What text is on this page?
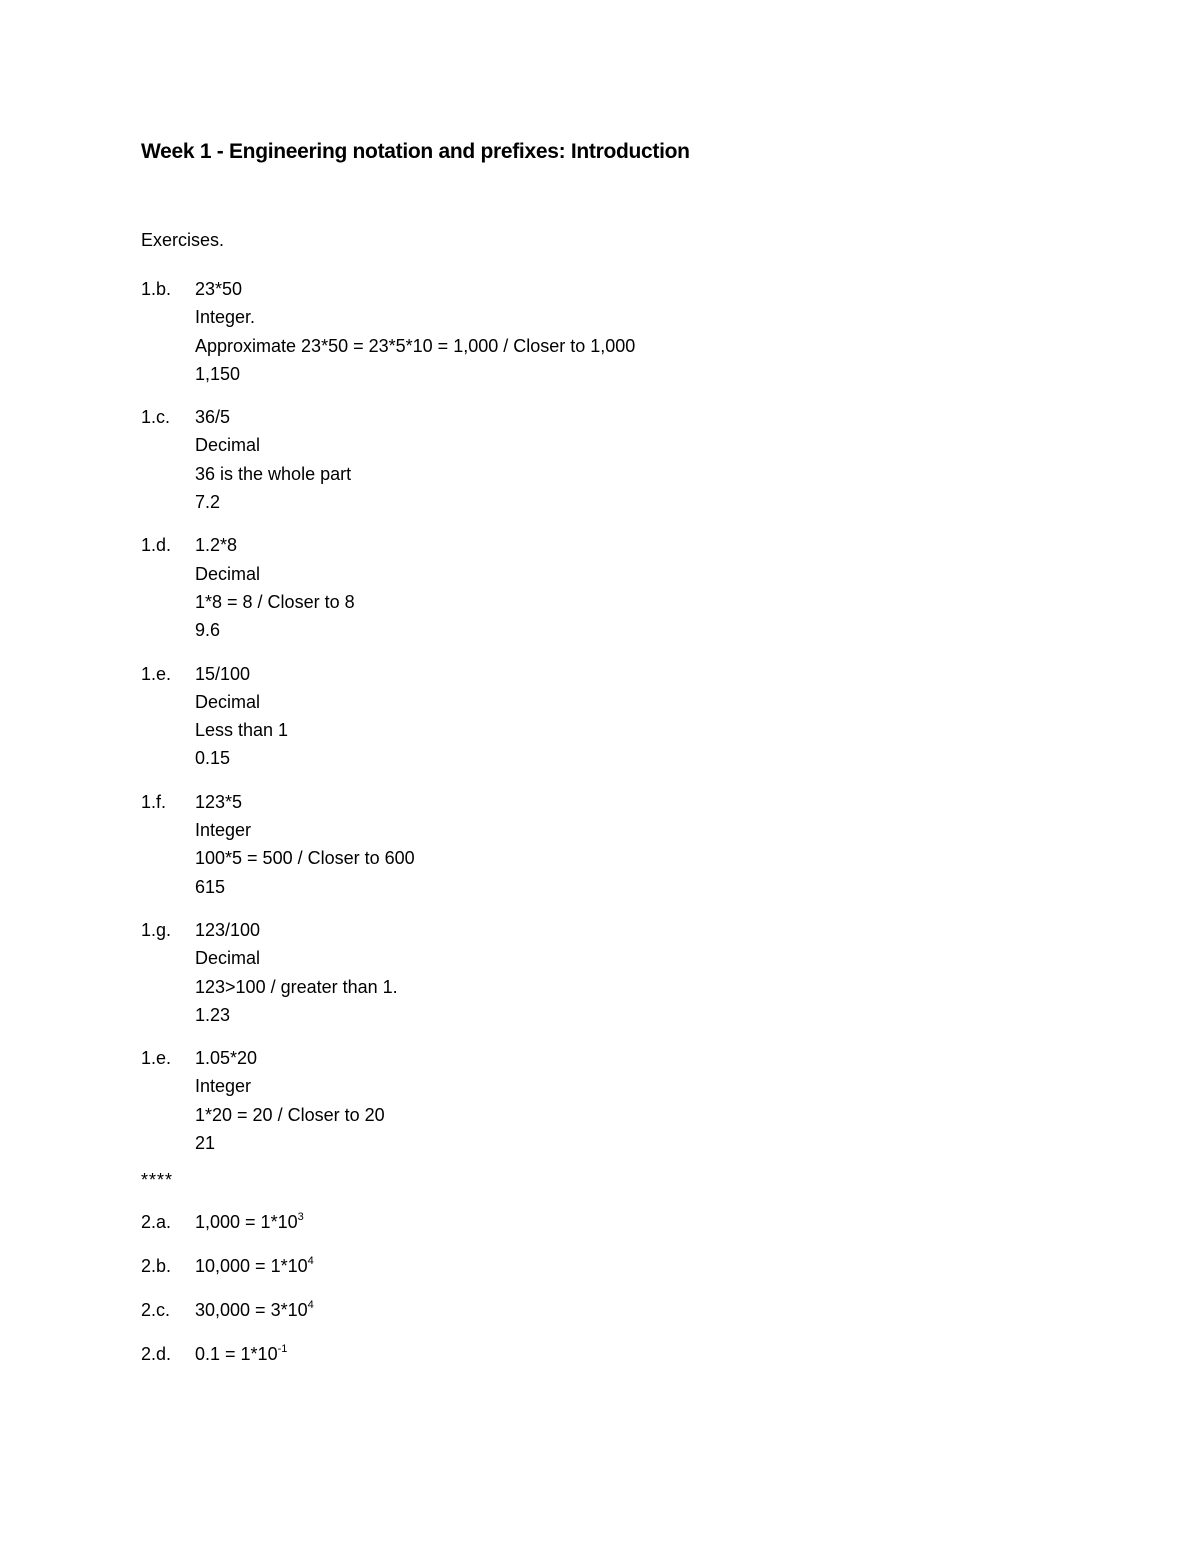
Week 1 - Engineering notation and prefixes: Introduction
Exercises.
1.b.	23*50
Integer.
Approximate 23*50 = 23*5*10 = 1,000 / Closer to 1,000
1,150
1.c.	36/5
Decimal
36 is the whole part
7.2
1.d.	1.2*8
Decimal
1*8 = 8 / Closer to 8
9.6
1.e.	15/100
Decimal
Less than 1
0.15
1.f.	123*5
Integer
100*5 = 500 / Closer to 600
615
1.g.	123/100
Decimal
123>100 / greater than 1.
1.23
1.e.	1.05*20
Integer
1*20 = 20 / Closer to 20
21
****
2.a.	$1,000 = 1*10^3$
2.b.	$10,000 = 1*10^4$
2.c.	$30,000 = 3*10^4$
2.d.	$0.1 = 1*10^{-1}$
